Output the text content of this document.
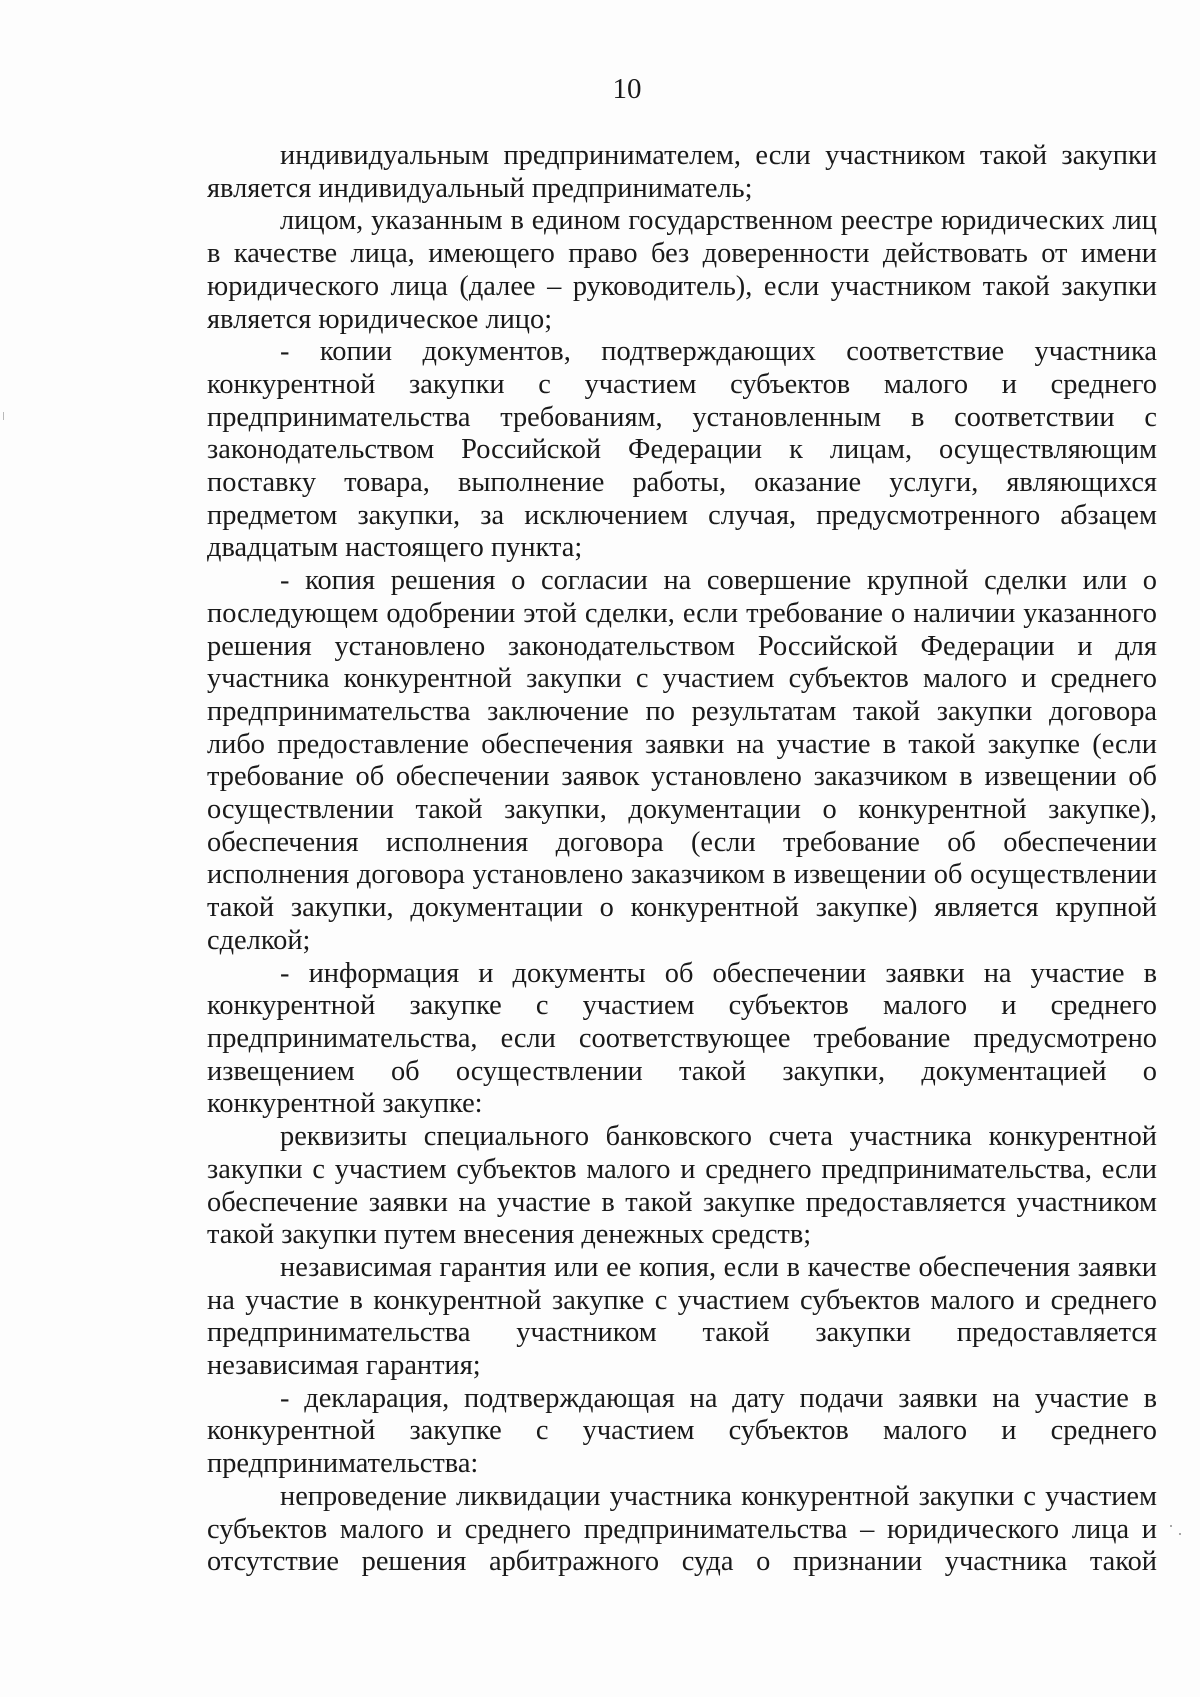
10

индивидуальным предпринимателем, если участником такой закупки является индивидуальный предприниматель;

лицом, указанным в едином государственном реестре юридических лиц в качестве лица, имеющего право без доверенности действовать от имени юридического лица (далее – руководитель), если участником такой закупки является юридическое лицо;

- копии документов, подтверждающих соответствие участника конкурентной закупки с участием субъектов малого и среднего предпринимательства требованиям, установленным в соответствии с законодательством Российской Федерации к лицам, осуществляющим поставку товара, выполнение работы, оказание услуги, являющихся предметом закупки, за исключением случая, предусмотренного абзацем двадцатым настоящего пункта;

- копия решения о согласии на совершение крупной сделки или о последующем одобрении этой сделки, если требование о наличии указанного решения установлено законодательством Российской Федерации и для участника конкурентной закупки с участием субъектов малого и среднего предпринимательства заключение по результатам такой закупки договора либо предоставление обеспечения заявки на участие в такой закупке (если требование об обеспечении заявок установлено заказчиком в извещении об осуществлении такой закупки, документации о конкурентной закупке), обеспечения исполнения договора (если требование об обеспечении исполнения договора установлено заказчиком в извещении об осуществлении такой закупки, документации о конкурентной закупке) является крупной сделкой;

- информация и документы об обеспечении заявки на участие в конкурентной закупке с участием субъектов малого и среднего предпринимательства, если соответствующее требование предусмотрено извещением об осуществлении такой закупки, документацией о конкурентной закупке:

реквизиты специального банковского счета участника конкурентной закупки с участием субъектов малого и среднего предпринимательства, если обеспечение заявки на участие в такой закупке предоставляется участником такой закупки путем внесения денежных средств;

независимая гарантия или ее копия, если в качестве обеспечения заявки на участие в конкурентной закупке с участием субъектов малого и среднего предпринимательства участником такой закупки предоставляется независимая гарантия;

- декларация, подтверждающая на дату подачи заявки на участие в конкурентной закупке с участием субъектов малого и среднего предпринимательства:

непроведение ликвидации участника конкурентной закупки с участием субъектов малого и среднего предпринимательства – юридического лица и отсутствие решения арбитражного суда о признании участника такой
